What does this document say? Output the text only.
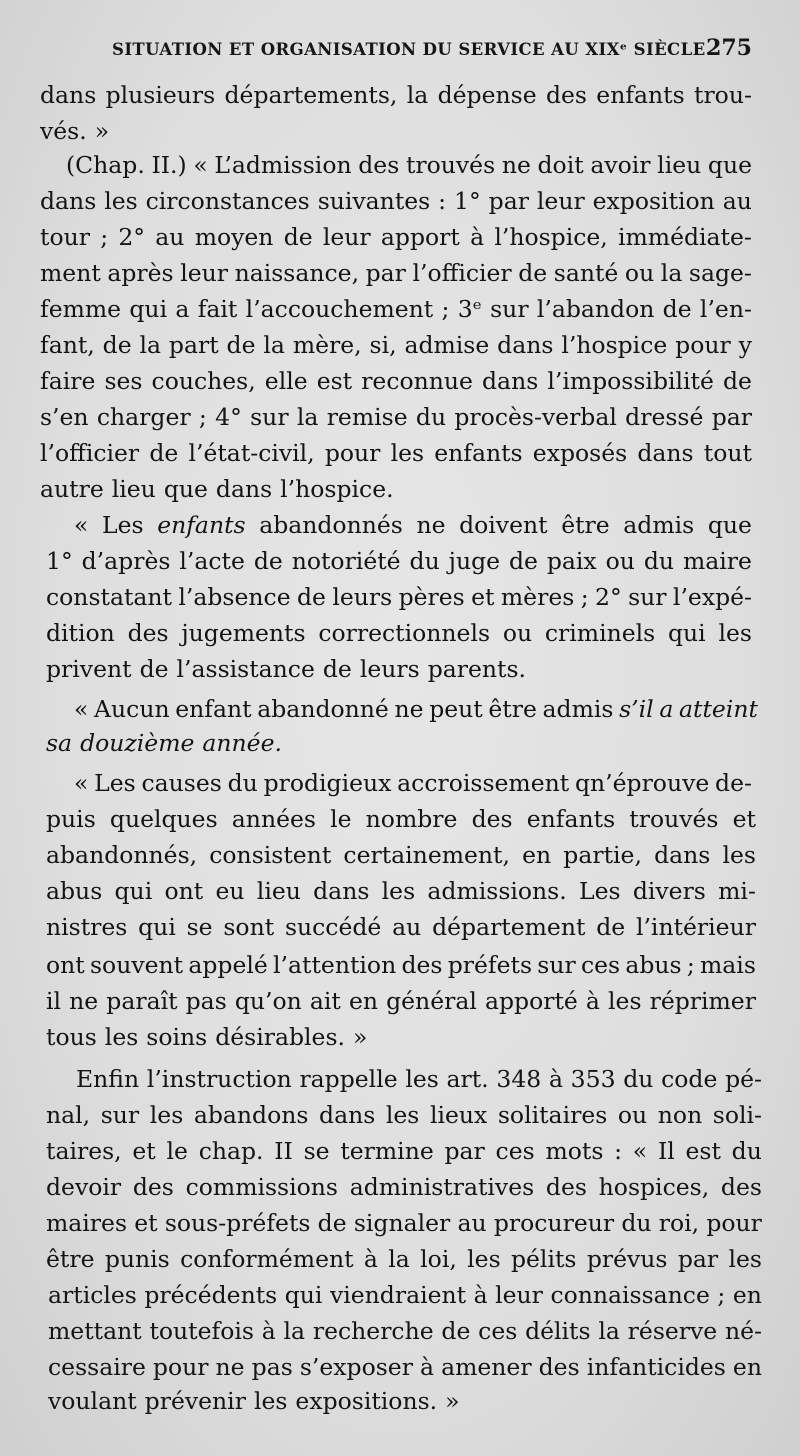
SITUATION ET ORGANISATION DU SERVICE AU XIXᵉ SIÈCLE.
275
dans plusieurs départements, la dépense des enfants trou-
vés. »
(Chap. II.) « L’admission des trouvés ne doit avoir lieu que
dans les circonstances suivantes : 1° par leur exposition au
tour ; 2° au moyen de leur apport à l’hospice, immédiate-
ment après leur naissance, par l’officier de santé ou la sage-
femme qui a fait l’accouchement ; 3ᵉ sur l’abandon de l’en-
fant, de la part de la mère, si, admise dans l’hospice pour y
faire ses couches, elle est reconnue dans l’impossibilité de
s’en charger ; 4° sur la remise du procès-verbal dressé par
l’officier de l’état-civil, pour les enfants exposés dans tout
autre lieu que dans l’hospice.
« Les enfants abandonnés ne doivent être admis que
1° d’après l’acte de notoriété du juge de paix ou du maire
constatant l’absence de leurs pères et mères ; 2° sur l’expé-
dition des jugements correctionnels ou criminels qui les
privent de l’assistance de leurs parents.
« Aucun enfant abandonné ne peut être admis s’il a atteint
sa douzième année.
« Les causes du prodigieux accroissement qn’éprouve de-
puis quelques années le nombre des enfants trouvés et
abandonnés, consistent certainement, en partie, dans les
abus qui ont eu lieu dans les admissions. Les divers mi-
nistres qui se sont succédé au département de l’intérieur
ont souvent appelé l’attention des préfets sur ces abus ; mais
il ne paraît pas qu’on ait en général apporté à les réprimer
tous les soins désirables. »
Enfin l’instruction rappelle les art. 348 à 353 du code pé-
nal, sur les abandons dans les lieux solitaires ou non soli-
taires, et le chap. II se termine par ces mots : « Il est du
devoir des commissions administratives des hospices, des
maires et sous-préfets de signaler au procureur du roi, pour
être punis conformément à la loi, les pélits prévus par les
articles précédents qui viendraient à leur connaissance ; en
mettant toutefois à la recherche de ces délits la réserve né-
cessaire pour ne pas s’exposer à amener des infanticides en
voulant prévenir les expositions. »
